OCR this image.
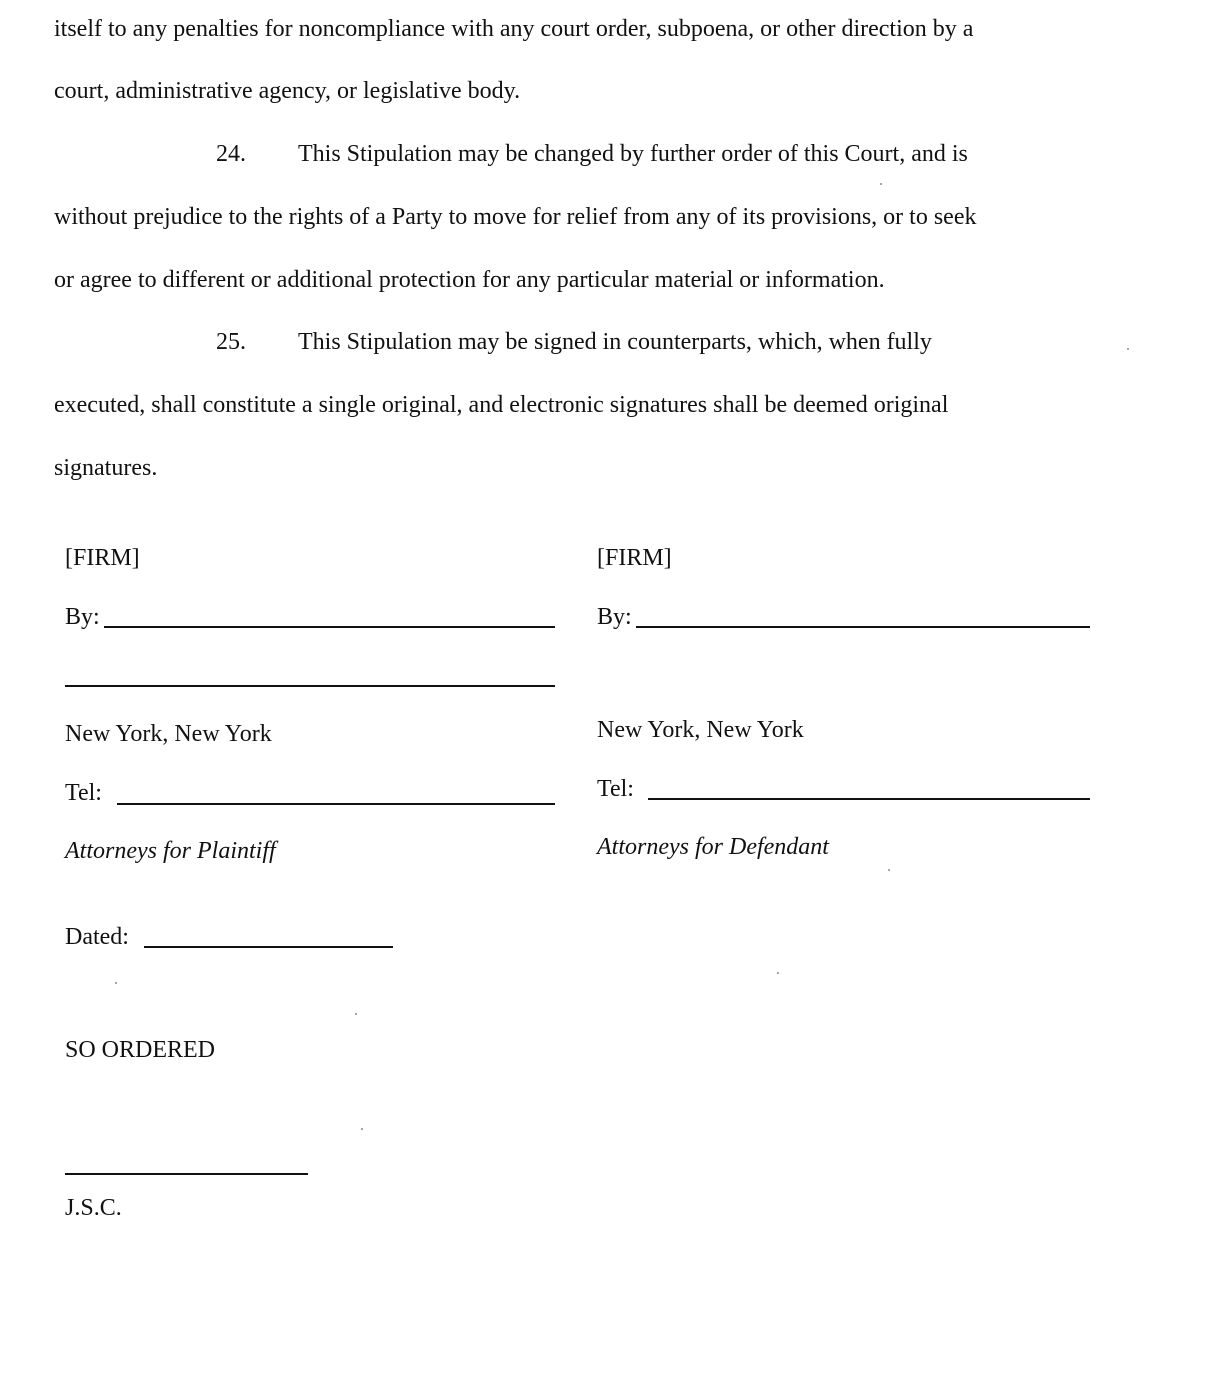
itself to any penalties for noncompliance with any court order, subpoena, or other direction by a
court, administrative agency, or legislative body.
24. This Stipulation may be changed by further order of this Court, and is
without prejudice to the rights of a Party to move for relief from any of its provisions, or to seek
or agree to different or additional protection for any particular material or information.
25. This Stipulation may be signed in counterparts, which, when fully
executed, shall constitute a single original, and electronic signatures shall be deemed original
signatures.
[FIRM]
By:
New York, New York
Tel:
Attorneys for Plaintiff
[FIRM]
By:
New York, New York
Tel:
Attorneys for Defendant
Dated:
SO ORDERED
J.S.C.
